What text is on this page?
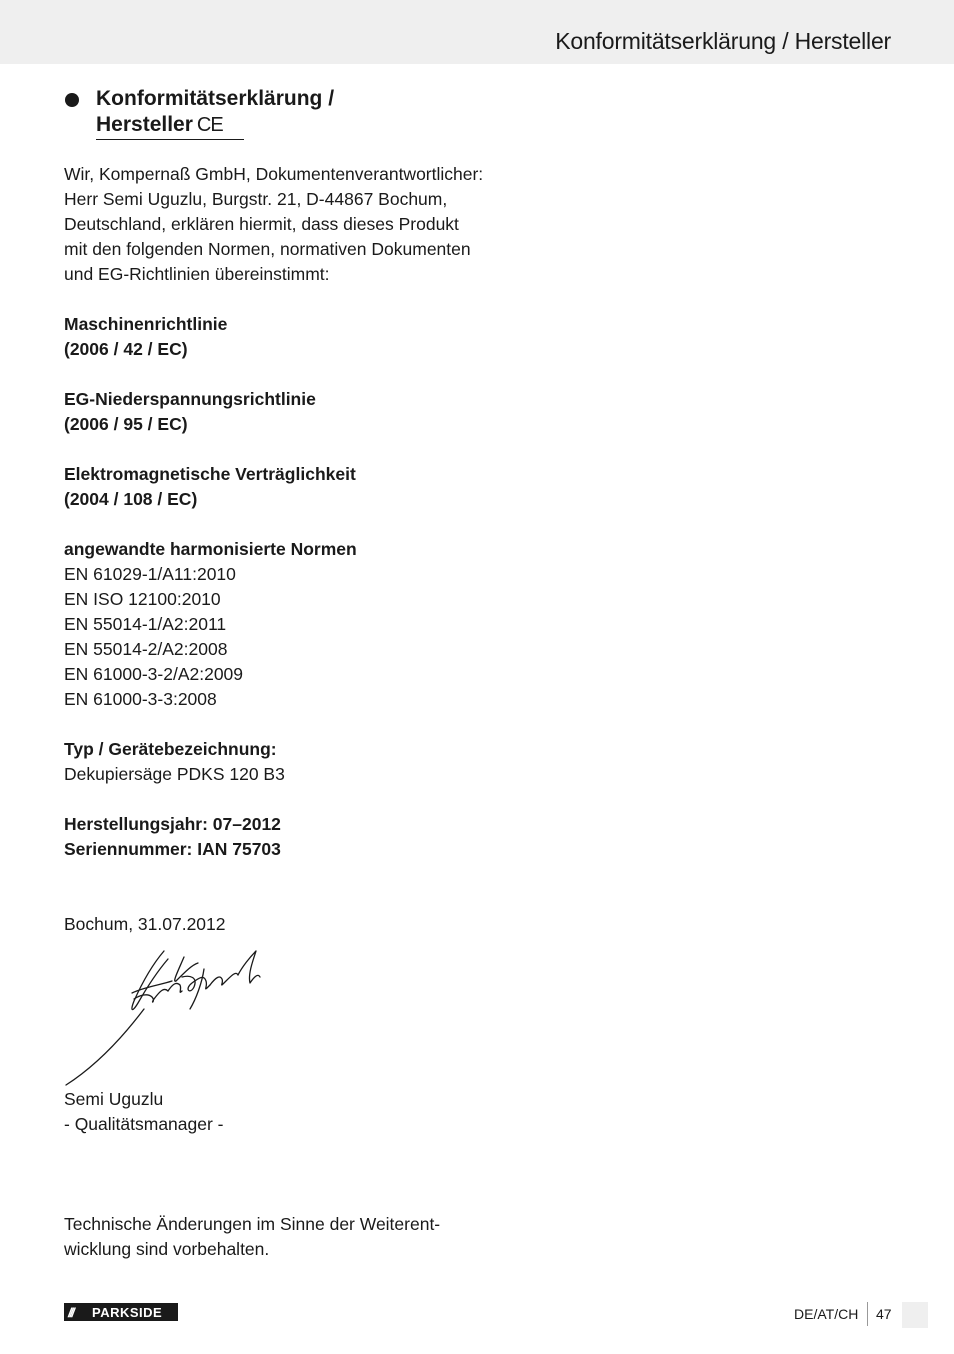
Konformitätserklärung / Hersteller
Konformitätserklärung /
Hersteller CE
Wir, Kompernaß GmbH, Dokumentenverantwortlicher:
Herr Semi Uguzlu, Burgstr. 21, D-44867 Bochum,
Deutschland, erklären hiermit, dass dieses Produkt
mit den folgenden Normen, normativen Dokumenten
und EG-Richtlinien übereinstimmt:
Maschinenrichtlinie
(2006 / 42 / EC)
EG-Niederspannungsrichtlinie
(2006 / 95 / EC)
Elektromagnetische Verträglichkeit
(2004 / 108 / EC)
angewandte harmonisierte Normen
EN 61029-1/A11:2010
EN ISO 12100:2010
EN 55014-1/A2:2011
EN 55014-2/A2:2008
EN 61000-3-2/A2:2009
EN 61000-3-3:2008
Typ / Gerätebezeichnung:
Dekupiersäge PDKS 120 B3
Herstellungsjahr: 07–2012
Seriennummer: IAN 75703
Bochum, 31.07.2012
Semi Uguzlu
- Qualitätsmanager -
Technische Änderungen im Sinne der Weiterent-
wicklung sind vorbehalten.
///	PARKSIDE	DE/AT/CH 47
